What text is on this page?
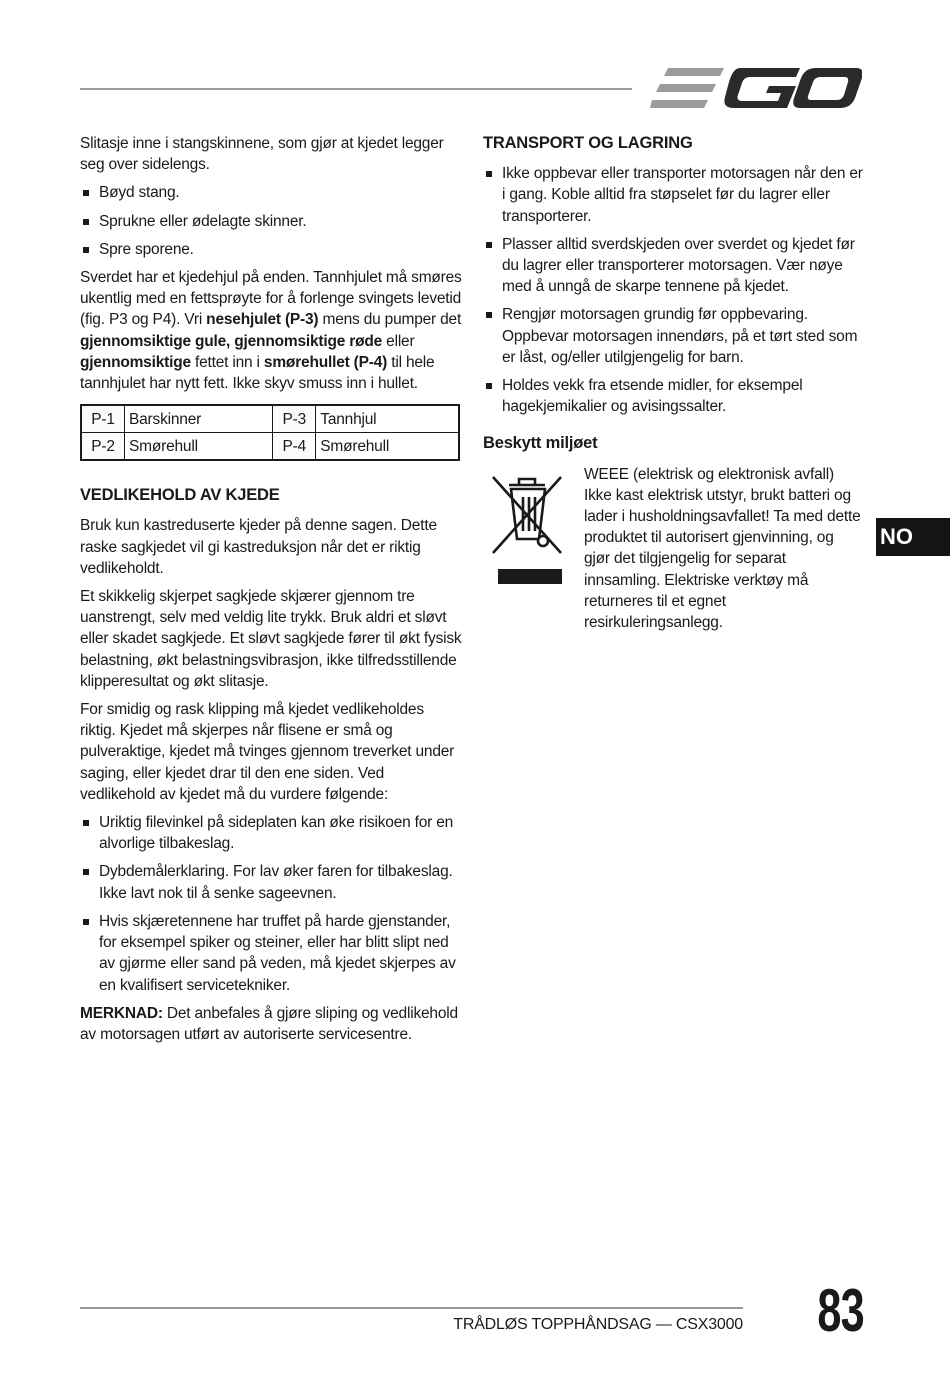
Slitasje inne i stangskinnene, som gjør at kjedet legger seg over sidelengs.

Bøyd stang.
Sprukne eller ødelagte skinner.
Spre sporene.

Sverdet har et kjedehjul på enden. Tannhjulet må smøres ukentlig med en fettsprøyte for å forlenge svingets levetid (fig. P3 og P4). Vri nesehjulet (P-3) mens du pumper det gjennomsiktige gule, gjennomsiktige røde eller gjennomsiktige fettet inn i smørehullet (P-4) til hele tannhjulet har nytt fett. Ikke skyv smuss inn i hullet.

P-1	Barskinner	P-3	Tannhjul
P-2	Smørehull	P-4	Smørehull
VEDLIKEHOLD AV KJEDE

Bruk kun kastreduserte kjeder på denne sagen. Dette raske sagkjedet vil gi kastreduksjon når det er riktig vedlikeholdt.

Et skikkelig skjerpet sagkjede skjærer gjennom tre uanstrengt, selv med veldig lite trykk. Bruk aldri et sløvt eller skadet sagkjede. Et sløvt sagkjede fører til økt fysisk belastning, økt belastningsvibrasjon, ikke tilfredsstillende klipperesultat og økt slitasje.

For smidig og rask klipping må kjedet vedlikeholdes riktig. Kjedet må skjerpes når flisene er små og pulveraktige, kjedet må tvinges gjennom treverket under saging, eller kjedet drar til den ene siden. Ved vedlikehold av kjedet må du vurdere følgende:

Uriktig filevinkel på sideplaten kan øke risikoen for en alvorlige tilbakeslag.
Dybdemålerklaring. For lav øker faren for tilbakeslag. Ikke lavt nok til å senke sageevnen.
Hvis skjæretennene har truffet på harde gjenstander, for eksempel spiker og steiner, eller har blitt slipt ned av gjørme eller sand på veden, må kjedet skjerpes av en kvalifisert servicetekniker.

MERKNAD: Det anbefales å gjøre sliping og vedlikehold av motorsagen utført av autoriserte servicesentre.

TRANSPORT OG LAGRING
Ikke oppbevar eller transporter motorsagen når den er i gang. Koble alltid fra støpselet før du lagrer eller transporterer.
Plasser alltid sverdskjeden over sverdet og kjedet før du lagrer eller transporterer motorsagen. Vær nøye med å unngå de skarpe tennene på kjedet.
Rengjør motorsagen grundig før oppbevaring. Oppbevar motorsagen innendørs, på et tørt sted som er låst, og/eller utilgjengelig for barn.
Holdes vekk fra etsende midler, for eksempel hagekjemikalier og avisingssalter.
Beskytt miljøet

WEEE (elektrisk og elektronisk avfall) Ikke kast elektrisk utstyr, brukt batteri og lader i husholdningsavfallet! Ta med dette produktet til autorisert gjenvinning, og gjør det tilgjengelig for separat innsamling. Elektriske verktøy må returneres til et egnet resirkuleringsanlegg.

NO
TRÅDLØS TOPPHÅNDSAG — CSX3000 83
